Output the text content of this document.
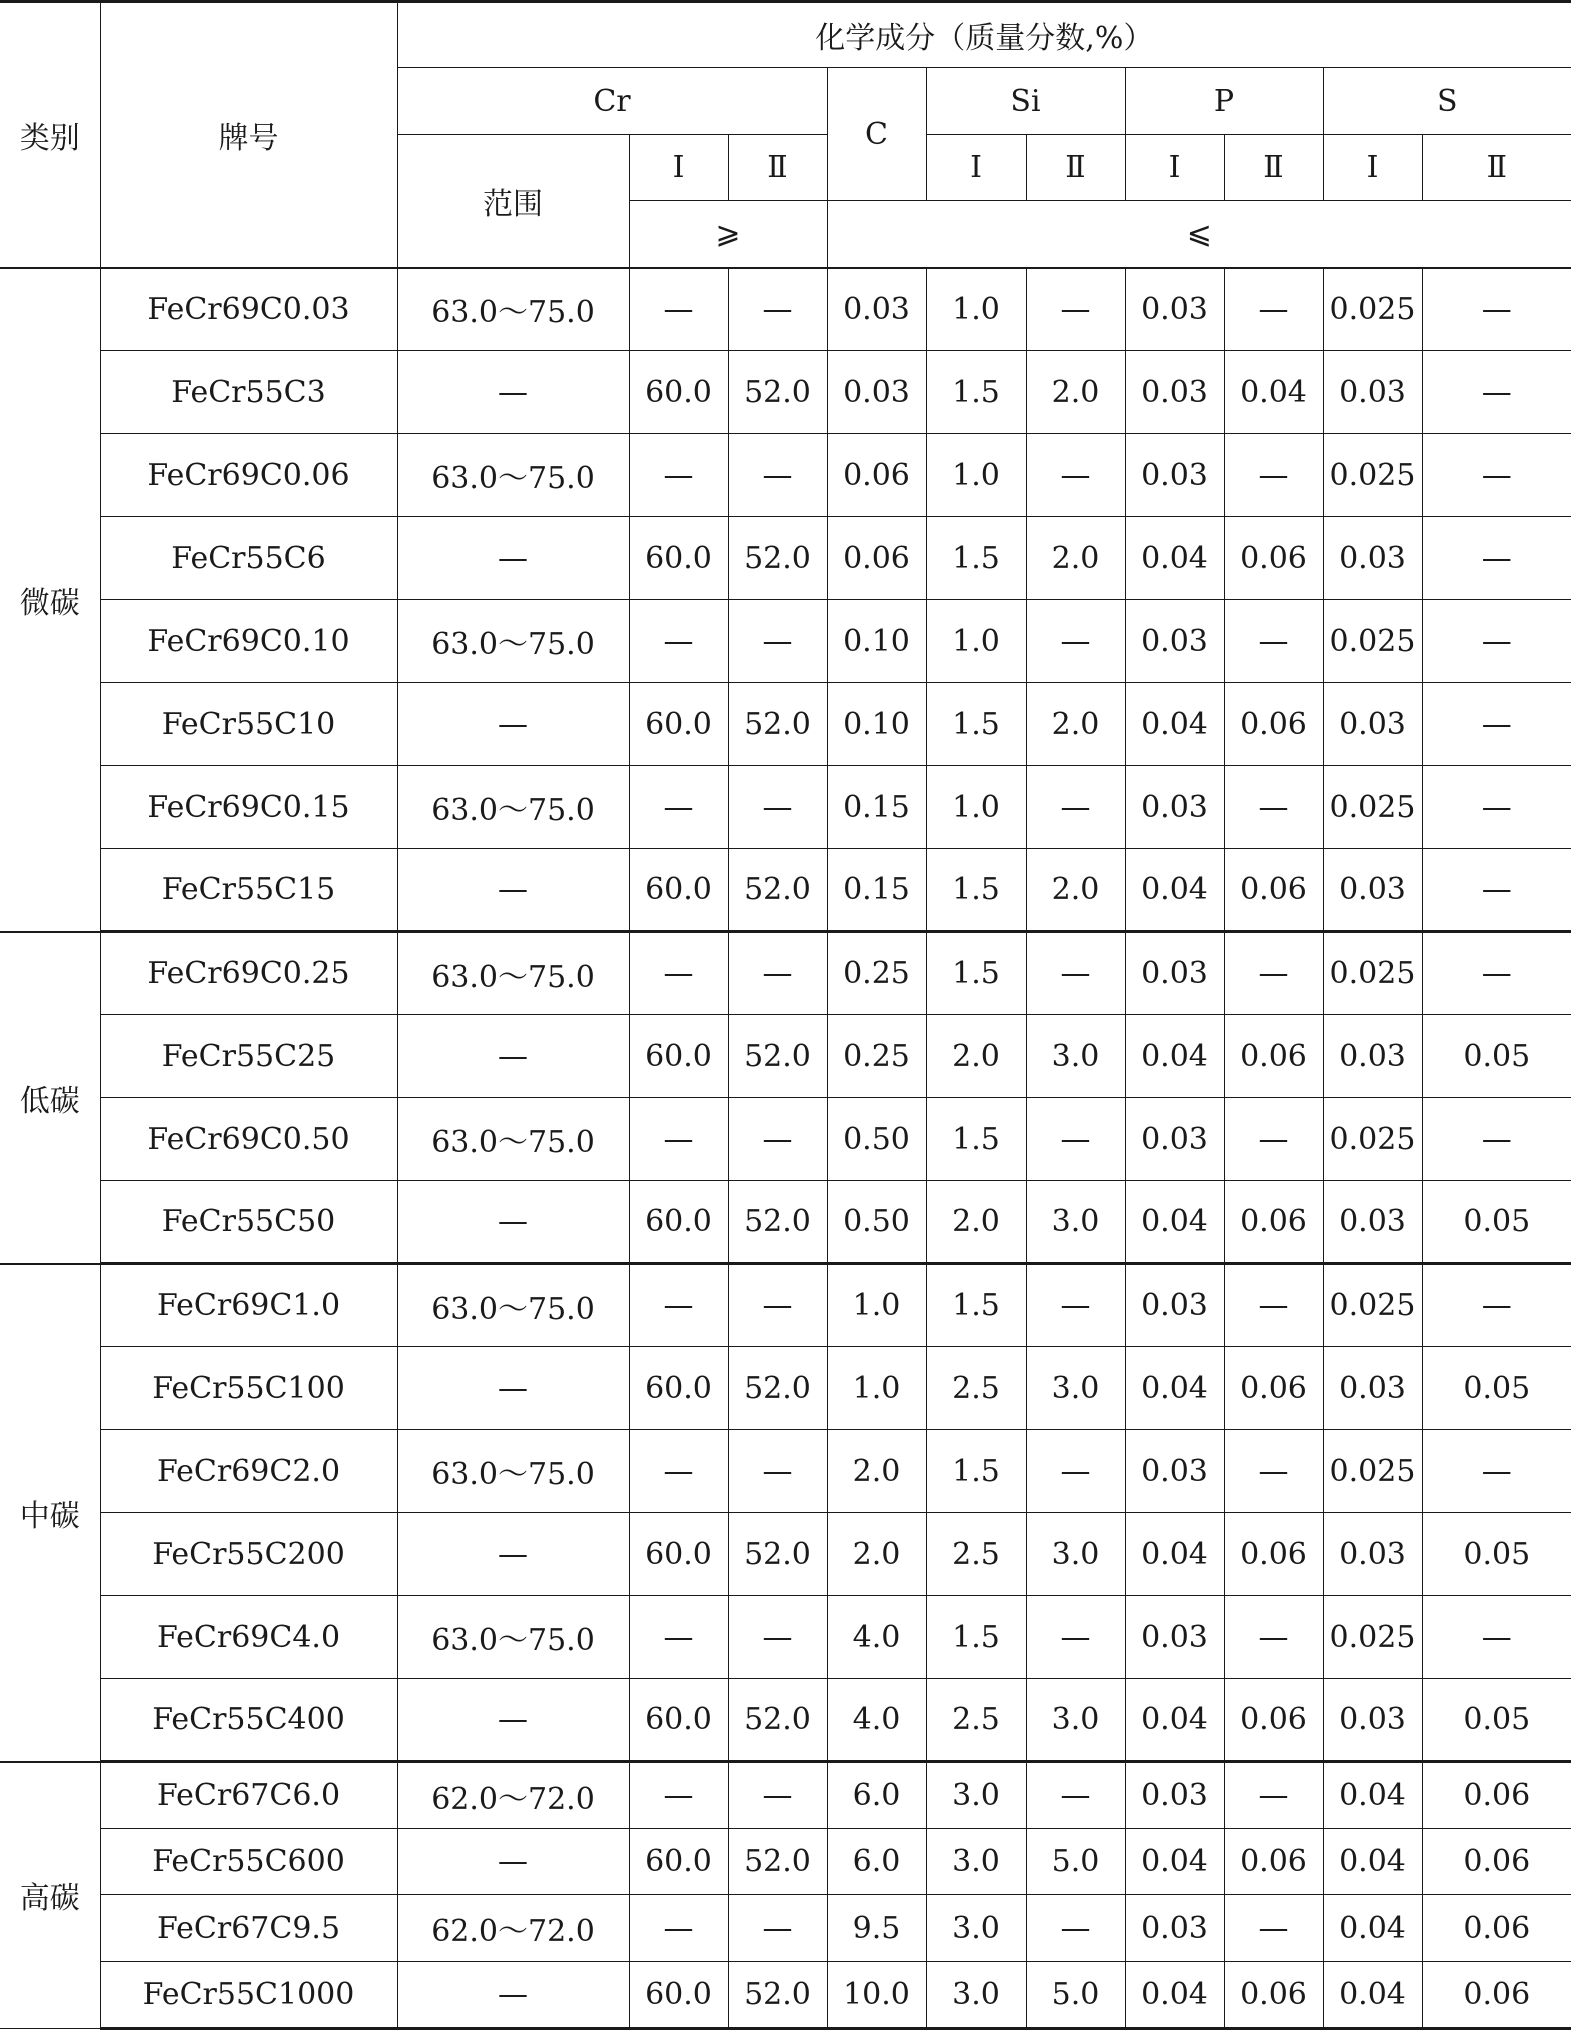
类别	牌号	化学成分（质量分数,%）									
		Cr			C	Si		P		S	
		范围	Ⅰ	Ⅱ		Ⅰ	Ⅱ	Ⅰ	Ⅱ	Ⅰ	Ⅱ
			⩾		⩽						
微碳	FeCr69C0.03	63.0～75.0	—	—	0.03	1.0	—	0.03	—	0.025	—
	FeCr55C3	—	60.0	52.0	0.03	1.5	2.0	0.03	0.04	0.03	—
	FeCr69C0.06	63.0～75.0	—	—	0.06	1.0	—	0.03	—	0.025	—
	FeCr55C6	—	60.0	52.0	0.06	1.5	2.0	0.04	0.06	0.03	—
	FeCr69C0.10	63.0～75.0	—	—	0.10	1.0	—	0.03	—	0.025	—
	FeCr55C10	—	60.0	52.0	0.10	1.5	2.0	0.04	0.06	0.03	—
	FeCr69C0.15	63.0～75.0	—	—	0.15	1.0	—	0.03	—	0.025	—
	FeCr55C15	—	60.0	52.0	0.15	1.5	2.0	0.04	0.06	0.03	—
低碳	FeCr69C0.25	63.0～75.0	—	—	0.25	1.5	—	0.03	—	0.025	—
	FeCr55C25	—	60.0	52.0	0.25	2.0	3.0	0.04	0.06	0.03	0.05
	FeCr69C0.50	63.0～75.0	—	—	0.50	1.5	—	0.03	—	0.025	—
	FeCr55C50	—	60.0	52.0	0.50	2.0	3.0	0.04	0.06	0.03	0.05
中碳	FeCr69C1.0	63.0～75.0	—	—	1.0	1.5	—	0.03	—	0.025	—
	FeCr55C100	—	60.0	52.0	1.0	2.5	3.0	0.04	0.06	0.03	0.05
	FeCr69C2.0	63.0～75.0	—	—	2.0	1.5	—	0.03	—	0.025	—
	FeCr55C200	—	60.0	52.0	2.0	2.5	3.0	0.04	0.06	0.03	0.05
	FeCr69C4.0	63.0～75.0	—	—	4.0	1.5	—	0.03	—	0.025	—
	FeCr55C400	—	60.0	52.0	4.0	2.5	3.0	0.04	0.06	0.03	0.05
高碳	FeCr67C6.0	62.0～72.0	—	—	6.0	3.0	—	0.03	—	0.04	0.06
	FeCr55C600	—	60.0	52.0	6.0	3.0	5.0	0.04	0.06	0.04	0.06
	FeCr67C9.5	62.0～72.0	—	—	9.5	3.0	—	0.03	—	0.04	0.06
	FeCr55C1000	—	60.0	52.0	10.0	3.0	5.0	0.04	0.06	0.04	0.06
